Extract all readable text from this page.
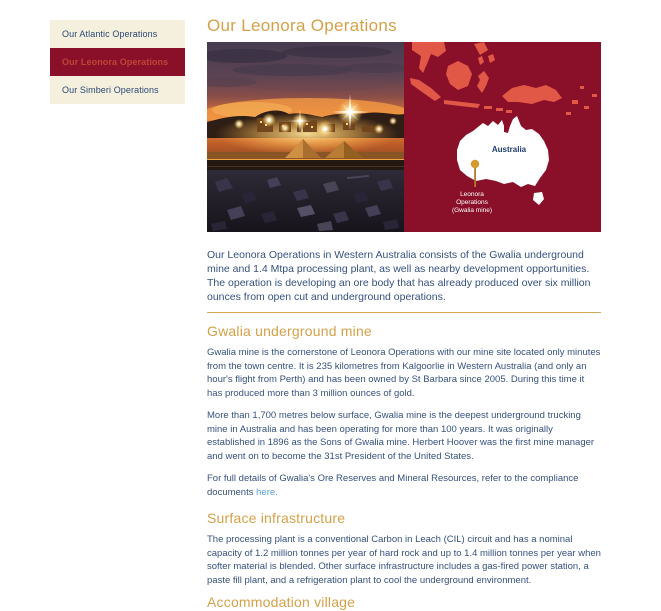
Our Atlantic Operations
Our Leonora Operations
Our Simberi Operations
Our Leonora Operations
Australia
Leonora
Operations
(Gwalia mine)

Our Leonora Operations in Western Australia consists of the Gwalia underground mine and 1.4 Mtpa processing plant, as well as nearby development opportunities. The operation is developing an ore body that has already produced over six million ounces from open cut and underground operations.

Gwalia underground mine

Gwalia mine is the cornerstone of Leonora Operations with our mine site located only minutes from the town centre. It is 235 kilometres from Kalgoorlie in Western Australia (and only an hour's flight from Perth) and has been owned by St Barbara since 2005. During this time it has produced more than 3 million ounces of gold.

More than 1,700 metres below surface, Gwalia mine is the deepest underground trucking mine in Australia and has been operating for more than 100 years. It was originally established in 1896 as the Sons of Gwalia mine. Herbert Hoover was the first mine manager and went on to become the 31st President of the United States.

For full details of Gwalia's Ore Reserves and Mineral Resources, refer to the compliance documents here.

Surface infrastructure

The processing plant is a conventional Carbon in Leach (CIL) circuit and has a nominal capacity of 1.2 million tonnes per year of hard rock and up to 1.4 million tonnes per year when softer material is blended. Other surface infrastructure includes a gas-fired power station, a paste fill plant, and a refrigeration plant to cool the underground environment.

Accommodation village
